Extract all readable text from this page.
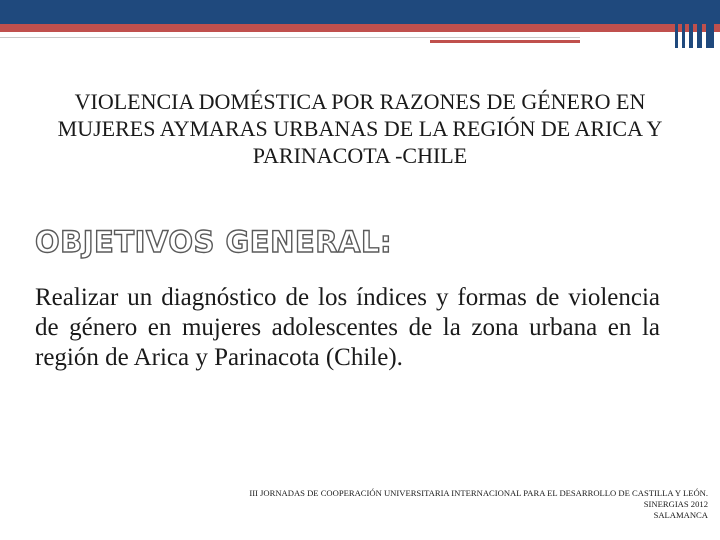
VIOLENCIA DOMÉSTICA POR RAZONES DE GÉNERO EN MUJERES AYMARAS URBANAS DE LA REGIÓN DE ARICA Y PARINACOTA -CHILE
OBJETIVOS GENERAL:
Realizar un diagnóstico de los índices y formas de violencia de género en mujeres adolescentes de la zona urbana en la región de Arica y Parinacota (Chile).
III JORNADAS DE COOPERACIÓN UNIVERSITARIA INTERNACIONAL PARA EL DESARROLLO DE CASTILLA Y LEÓN.
SINERGIAS 2012
SALAMANCA
